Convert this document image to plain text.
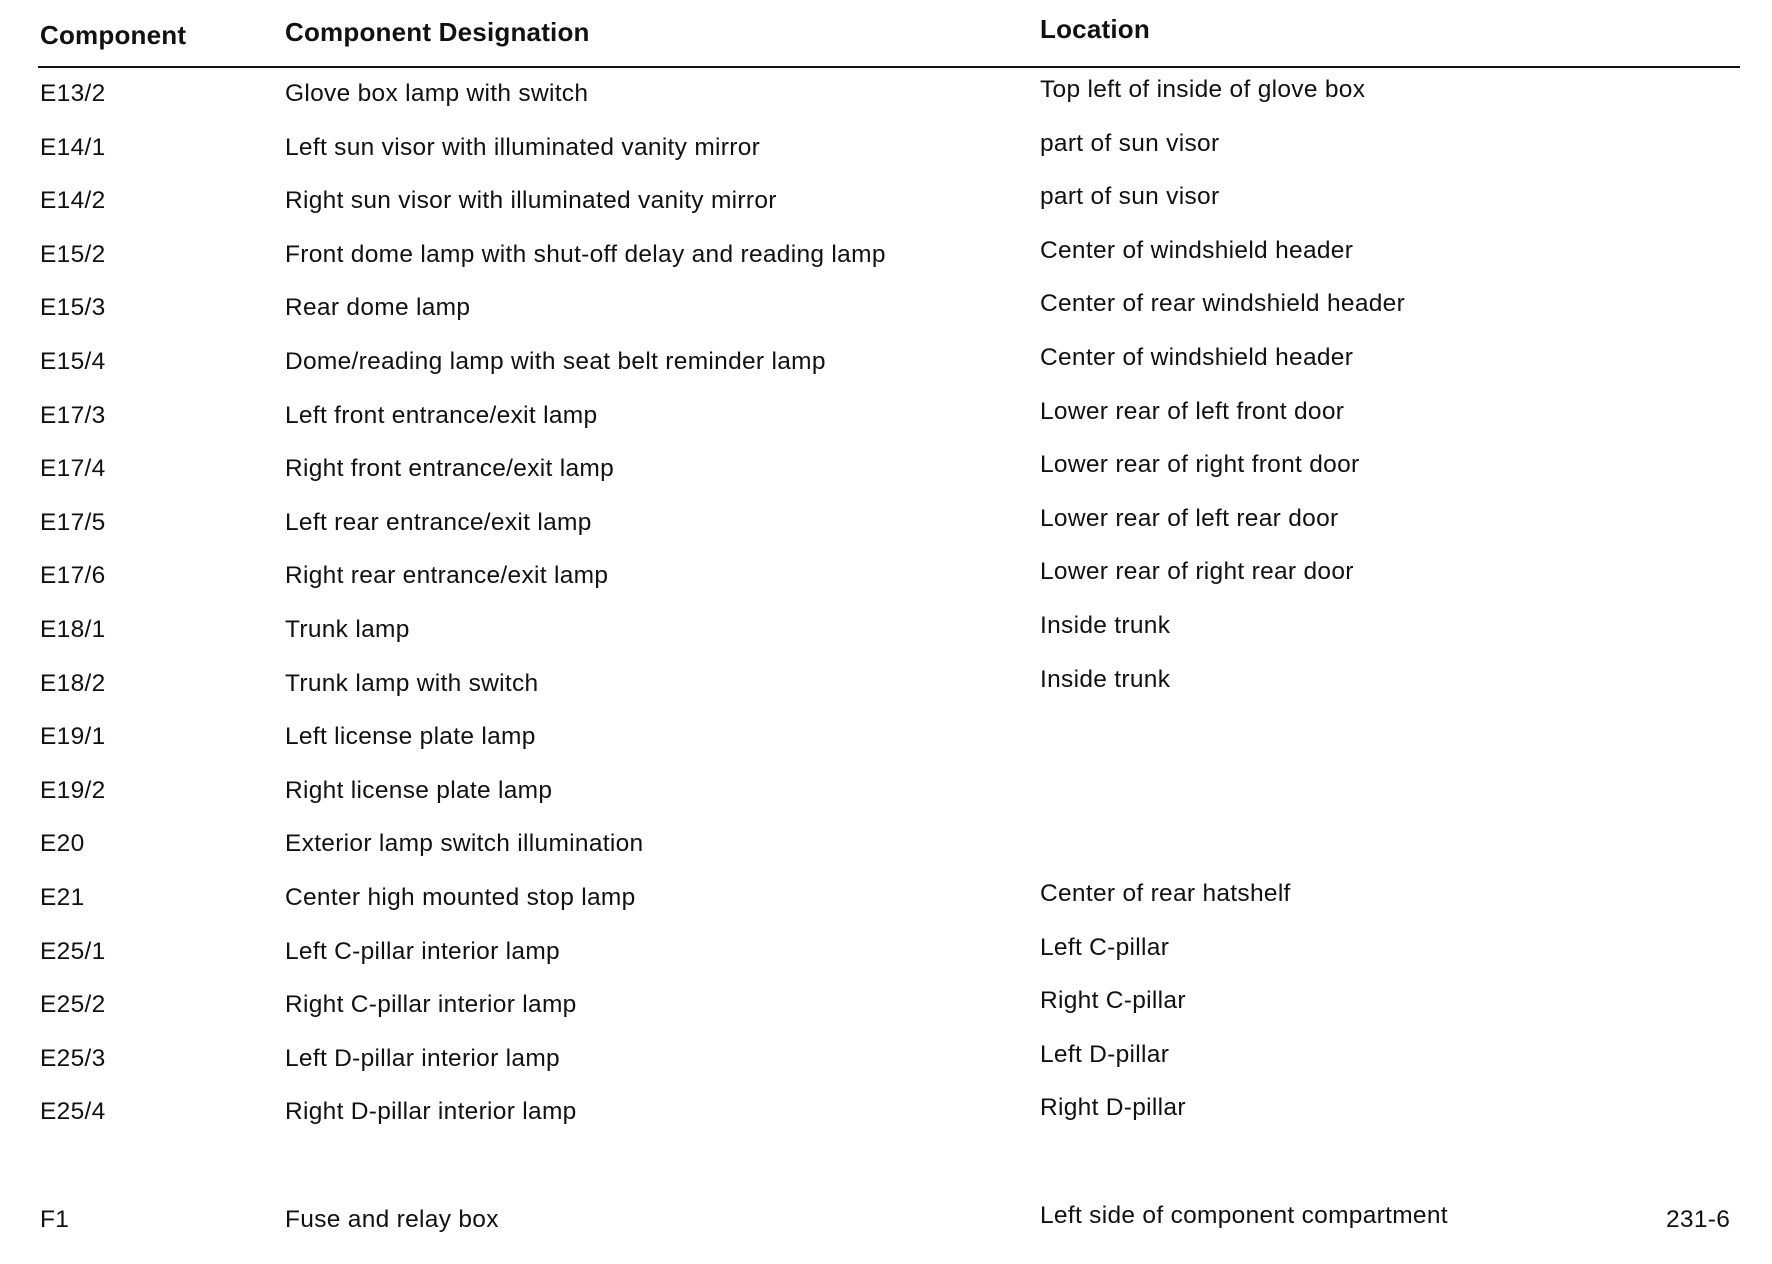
Component	Component Designation	Location
E13/2	Glove box lamp with switch	Top left of inside of glove box
E14/1	Left sun visor with illuminated vanity mirror	part of sun visor
E14/2	Right sun visor with illuminated vanity mirror	part of sun visor
E15/2	Front dome lamp with shut-off delay and reading lamp	Center of windshield header
E15/3	Rear dome lamp	Center of rear windshield header
E15/4	Dome/reading lamp with seat belt reminder lamp	Center of windshield header
E17/3	Left front entrance/exit lamp	Lower rear of left front door
E17/4	Right front entrance/exit lamp	Lower rear of right front door
E17/5	Left rear entrance/exit lamp	Lower rear of left rear door
E17/6	Right rear entrance/exit lamp	Lower rear of right rear door
E18/1	Trunk lamp	Inside trunk
E18/2	Trunk lamp with switch	Inside trunk
E19/1	Left license plate lamp
E19/2	Right license plate lamp
E20	Exterior lamp switch illumination
E21	Center high mounted stop lamp	Center of rear hatshelf
E25/1	Left C-pillar interior lamp	Left C-pillar
E25/2	Right C-pillar interior lamp	Right C-pillar
E25/3	Left D-pillar interior lamp	Left D-pillar
E25/4	Right D-pillar interior lamp	Right D-pillar
F1	Fuse and relay box	Left side of component compartment	231-6
